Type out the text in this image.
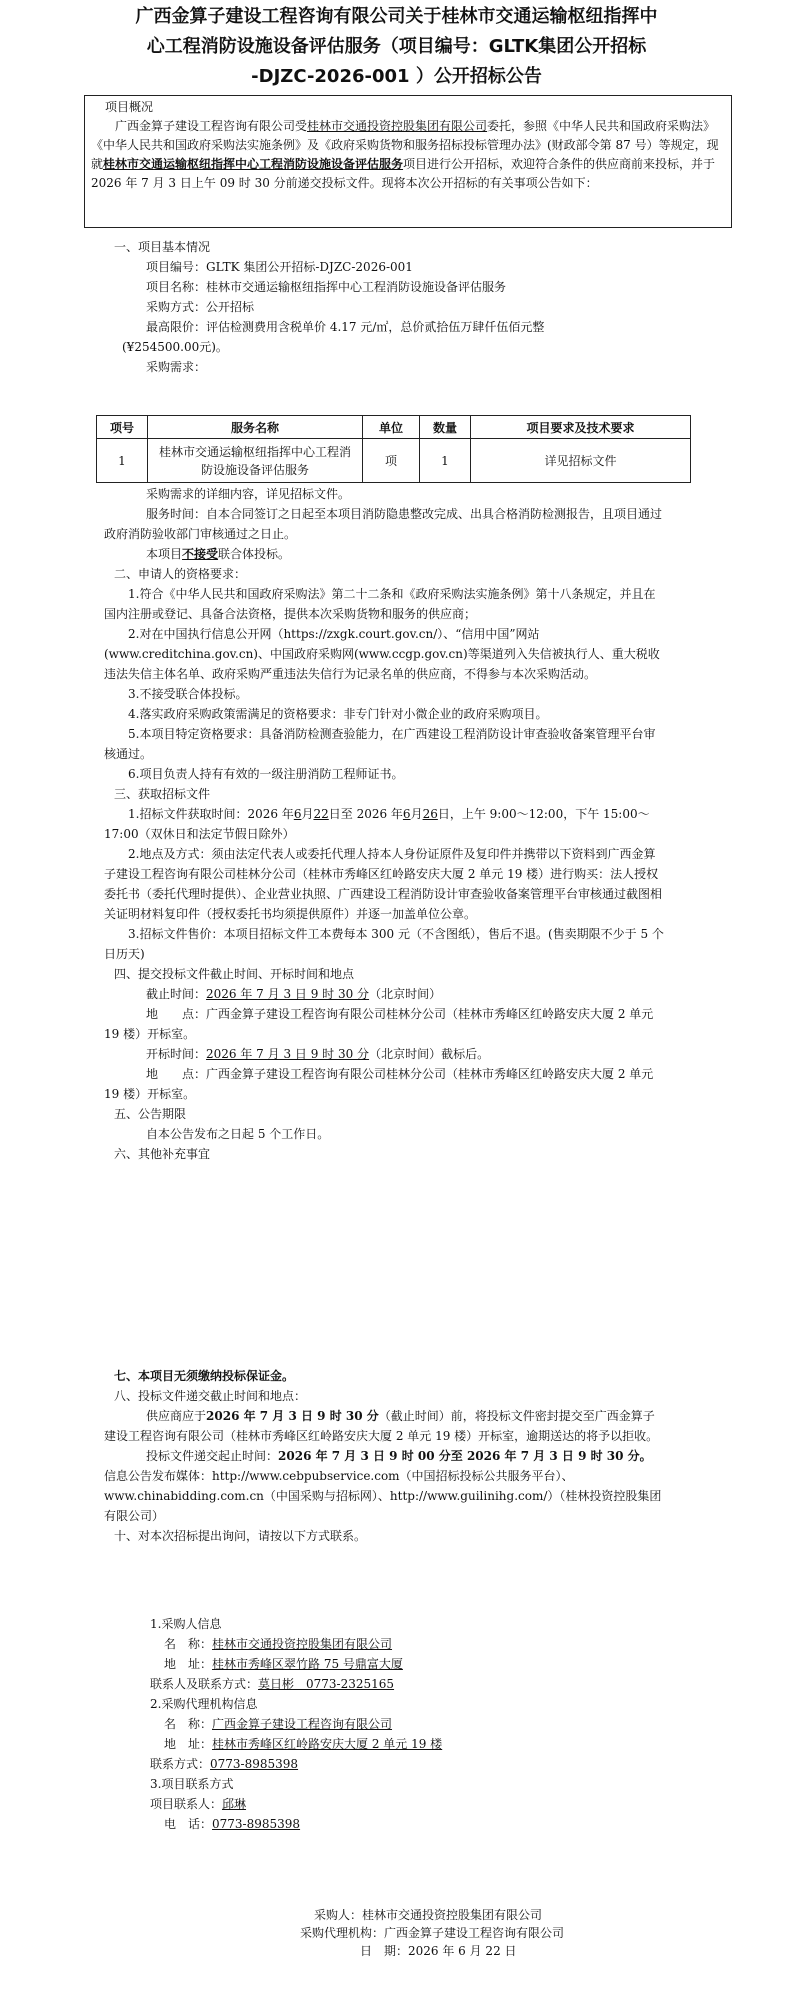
广西金算子建设工程咨询有限公司关于桂林市交通运输枢纽指挥中
心工程消防设施设备评估服务（项目编号：GLTK集团公开招标
-DJZC-2026-001 ）公开招标公告

项目概况

广西金算子建设工程咨询有限公司受桂林市交通投资控股集团有限公司委托，参照《中华人民共和国政府采购法》《中华人民共和国政府采购法实施条例》及《政府采购货物和服务招标投标管理办法》(财政部令第 87 号）等规定，现就桂林市交通运输枢纽指挥中心工程消防设施设备评估服务项目进行公开招标，欢迎符合条件的供应商前来投标，并于 2026 年 7 月 3 日上午 09 时 30 分前递交投标文件。现将本次公开招标的有关事项公告如下：

一、项目基本情况

项目编号：GLTK 集团公开招标-DJZC-2026-001

项目名称：桂林市交通运输枢纽指挥中心工程消防设施设备评估服务

采购方式：公开招标

最高限价：评估检测费用含税单价 4.17 元/㎡，总价贰拾伍万肆仟伍佰元整

(¥254500.00元)。

采购需求：

项号	服务名称	单位	数量	项目要求及技术要求
1	桂林市交通运输枢纽指挥中心工程消防设施设备评估服务	项	1	详见招标文件

采购需求的详细内容，详见招标文件。

服务时间：自本合同签订之日起至本项目消防隐患整改完成、出具合格消防检测报告，且项目通过政府消防验收部门审核通过之日止。

本项目不接受联合体投标。

二、申请人的资格要求：

1.符合《中华人民共和国政府采购法》第二十二条和《政府采购法实施条例》第十八条规定，并且在国内注册或登记、具备合法资格，提供本次采购货物和服务的供应商；

2.对在中国执行信息公开网（https://zxgk.court.gov.cn/）、“信用中国”网站(www.creditchina.gov.cn)、中国政府采购网(www.ccgp.gov.cn)等渠道列入失信被执行人、重大税收违法失信主体名单、政府采购严重违法失信行为记录名单的供应商，不得参与本次采购活动。

3.不接受联合体投标。

4.落实政府采购政策需满足的资格要求：非专门针对小微企业的政府采购项目。

5.本项目特定资格要求：具备消防检测查验能力，在广西建设工程消防设计审查验收备案管理平台审核通过。

6.项目负责人持有有效的一级注册消防工程师证书。

三、获取招标文件

1.招标文件获取时间：2026 年6月22日至 2026 年6月26日，上午 9:00～12:00，下午 15:00～17:00（双休日和法定节假日除外）

2.地点及方式：须由法定代表人或委托代理人持本人身份证原件及复印件并携带以下资料到广西金算子建设工程咨询有限公司桂林分公司（桂林市秀峰区红岭路安庆大厦 2 单元 19 楼）进行购买：法人授权委托书（委托代理时提供）、企业营业执照、广西建设工程消防设计审查验收备案管理平台审核通过截图相关证明材料复印件（授权委托书均须提供原件）并逐一加盖单位公章。

3.招标文件售价：本项目招标文件工本费每本 300 元（不含图纸），售后不退。(售卖期限不少于 5 个日历天)

四、提交投标文件截止时间、开标时间和地点

截止时间：2026 年 7 月 3 日 9 时 30 分（北京时间）

地　　点：广西金算子建设工程咨询有限公司桂林分公司（桂林市秀峰区红岭路安庆大厦 2 单元 19 楼）开标室。

开标时间：2026 年 7 月 3 日 9 时 30 分（北京时间）截标后。

地　　点：广西金算子建设工程咨询有限公司桂林分公司（桂林市秀峰区红岭路安庆大厦 2 单元 19 楼）开标室。

五、公告期限

自本公告发布之日起 5 个工作日。

六、其他补充事宜

七、本项目无须缴纳投标保证金。

八、投标文件递交截止时间和地点：

供应商应于2026 年 7 月 3 日 9 时 30 分（截止时间）前，将投标文件密封提交至广西金算子建设工程咨询有限公司（桂林市秀峰区红岭路安庆大厦 2 单元 19 楼）开标室，逾期送达的将予以拒收。

投标文件递交起止时间：2026 年 7 月 3 日 9 时 00 分至 2026 年 7 月 3 日 9 时 30 分。

信息公告发布媒体：http://www.cebpubservice.com（中国招标投标公共服务平台）、www.chinabidding.com.cn（中国采购与招标网）、http://www.guilinihg.com/）（桂林投资控股集团有限公司）

十、对本次招标提出询问，请按以下方式联系。

1.采购人信息

名　称：桂林市交通投资控股集团有限公司

地　址：桂林市秀峰区翠竹路 75 号鼎富大厦

联系人及联系方式：莫日彬　0773-2325165

2.采购代理机构信息

名　称：广西金算子建设工程咨询有限公司

地　址：桂林市秀峰区红岭路安庆大厦 2 单元 19 楼

联系方式：0773-8985398

3.项目联系方式

项目联系人：邱琳

电　话：0773-8985398

采购人：桂林市交通投资控股集团有限公司

采购代理机构：广西金算子建设工程咨询有限公司

日　期：2026 年 6 月 22 日
